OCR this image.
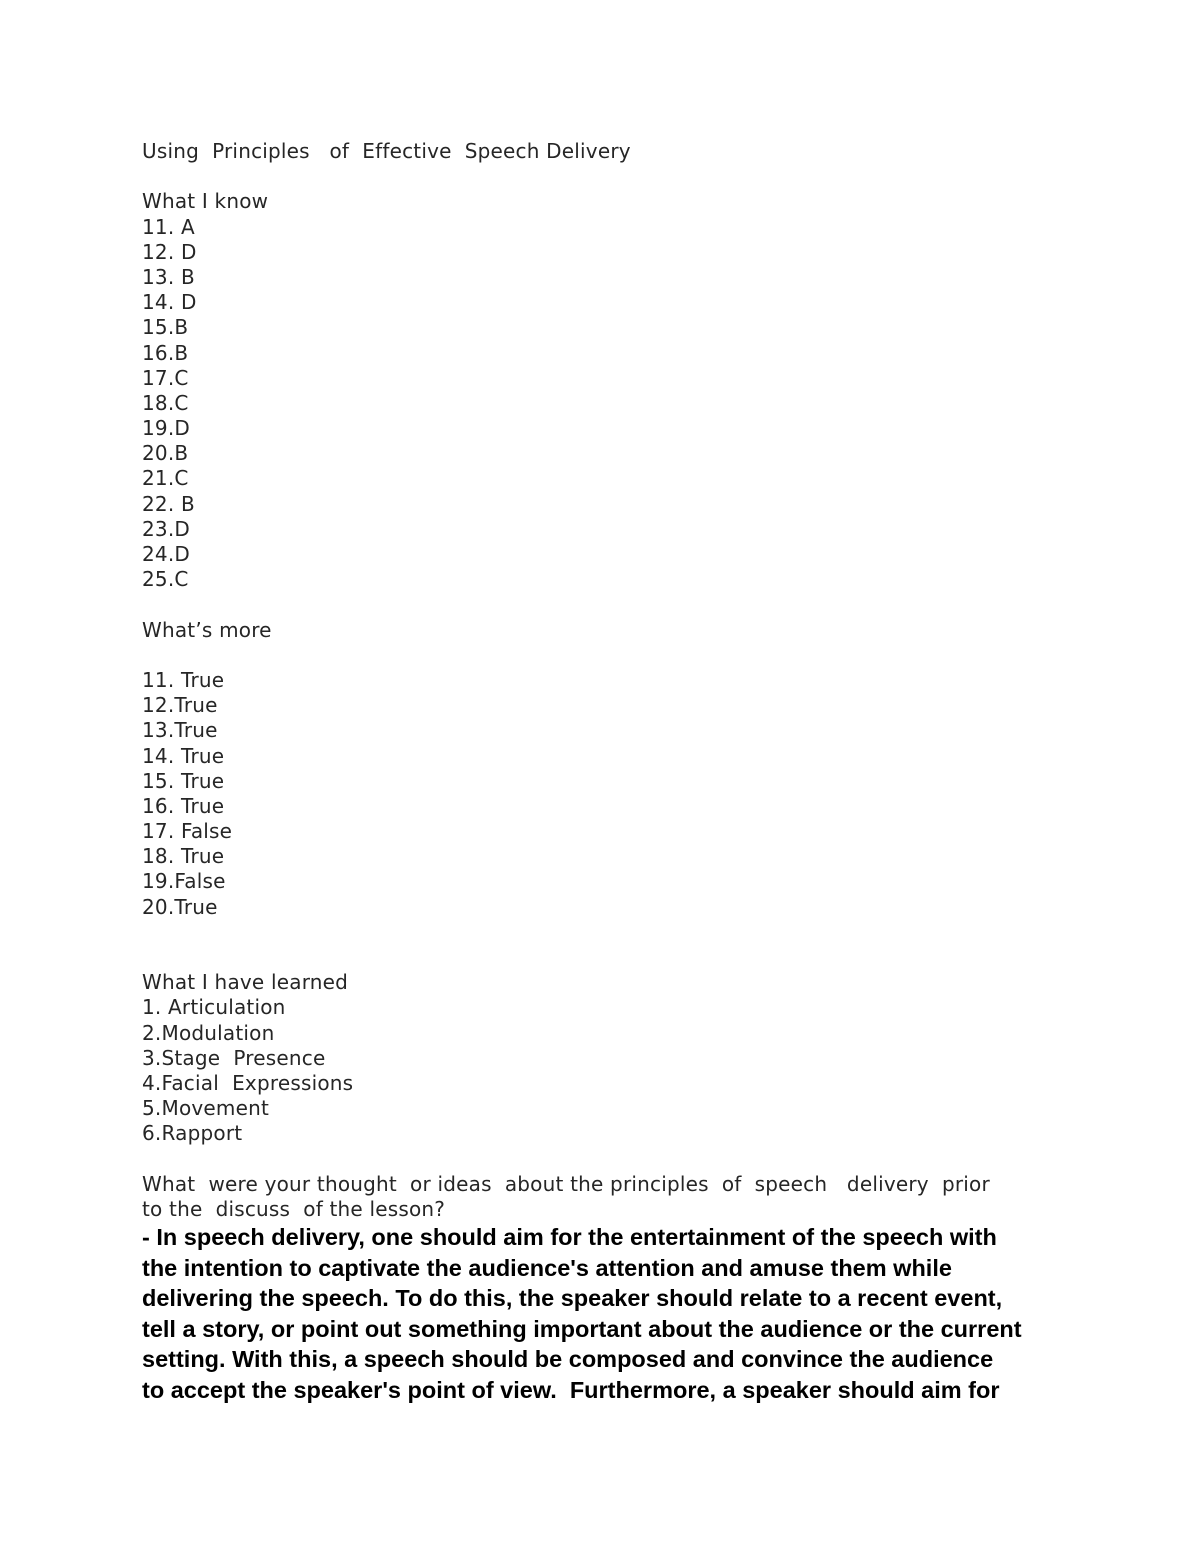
Using  Principles   of  Effective  Speech Delivery
What I know
11. A
12. D
13. B
14. D
15.B
16.B
17.C
18.C
19.D
20.B
21.C
22. B
23.D
24.D
25.C
What’s more
11. True
12.True
13.True
14. True
15. True
16. True
17. False
18. True
19.False
20.True
What I have learned
1. Articulation
2.Modulation
3.Stage  Presence
4.Facial  Expressions
5.Movement
6.Rapport
What  were your thought  or ideas  about the principles  of  speech   delivery  prior
to the  discuss  of the lesson?
- In speech delivery, one should aim for the entertainment of the speech with
the intention to captivate the audience's attention and amuse them while
delivering the speech. To do this, the speaker should relate to a recent event,
tell a story, or point out something important about the audience or the current
setting. With this, a speech should be composed and convince the audience
to accept the speaker's point of view.  Furthermore, a speaker should aim for
